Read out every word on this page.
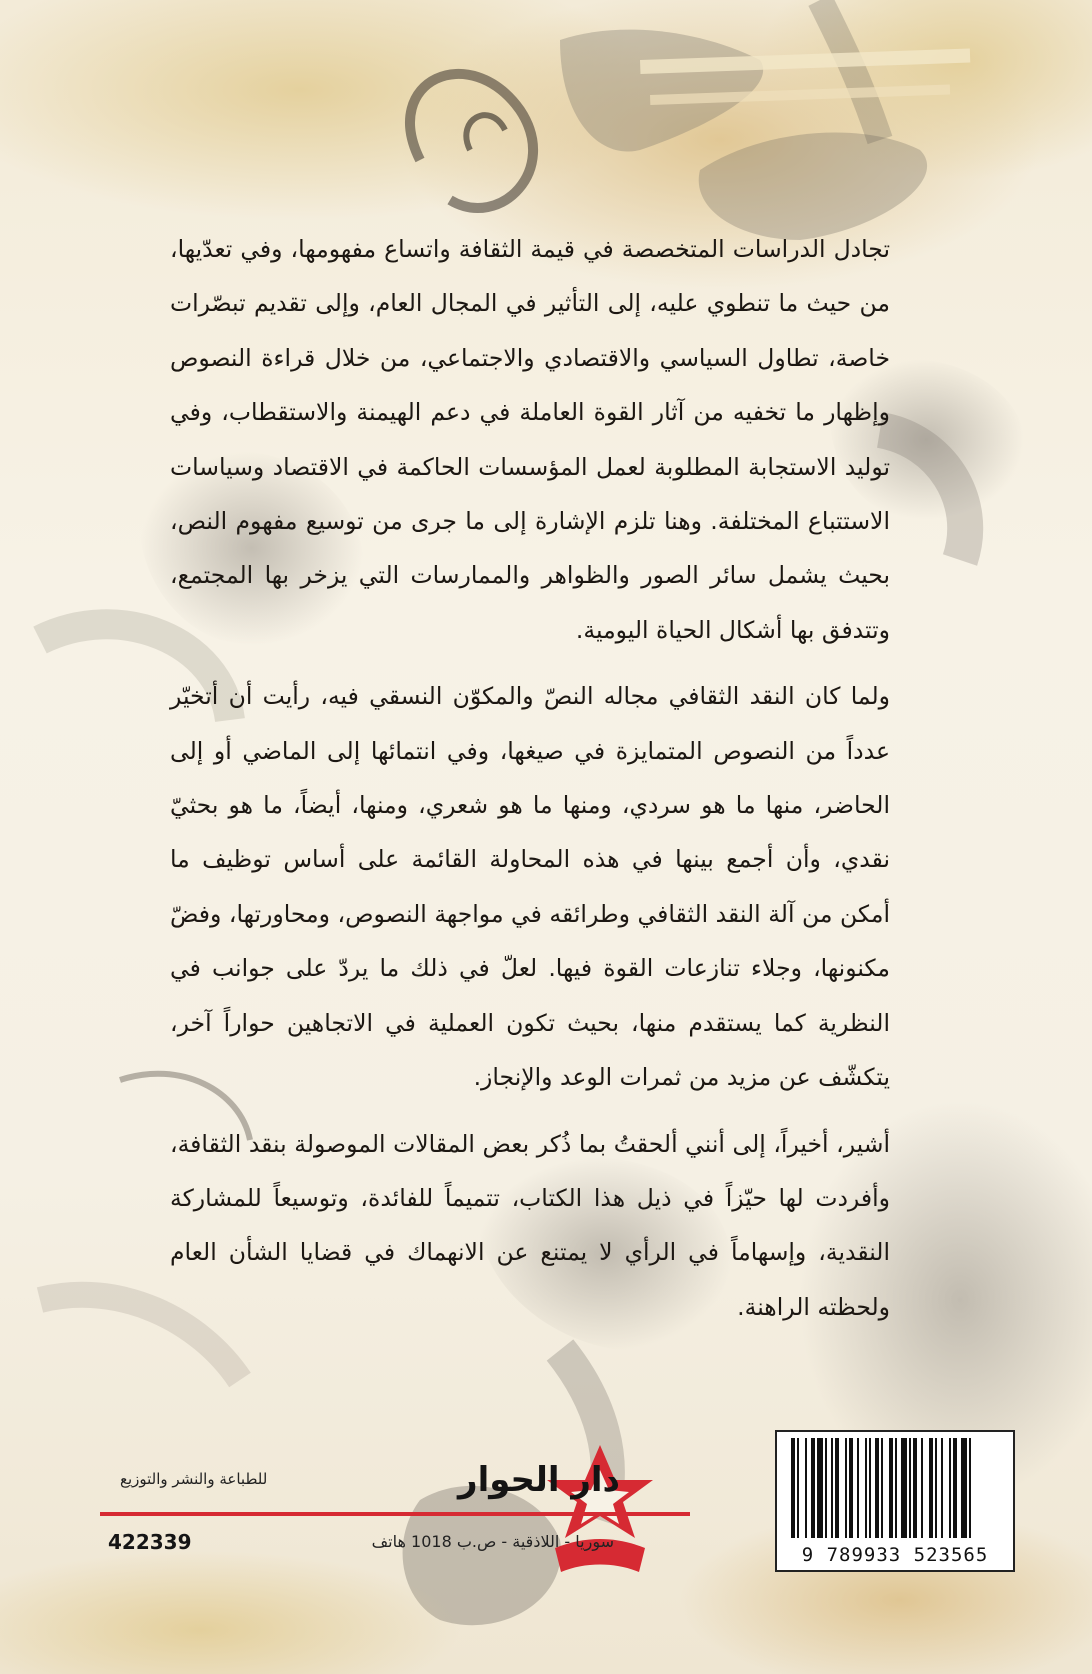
تجادل الدراسات المتخصصة في قيمة الثقافة واتساع مفهومها، وفي تعدّيها، من حيث ما تنطوي عليه، إلى التأثير في المجال العام، وإلى تقديم تبصّرات خاصة، تطاول السياسي والاقتصادي والاجتماعي، من خلال قراءة النصوص وإظهار ما تخفيه من آثار القوة العاملة في دعم الهيمنة والاستقطاب، وفي توليد الاستجابة المطلوبة لعمل المؤسسات الحاكمة في الاقتصاد وسياسات الاستتباع المختلفة. وهنا تلزم الإشارة إلى ما جرى من توسيع مفهوم النص، بحيث يشمل سائر الصور والظواهر والممارسات التي يزخر بها المجتمع، وتتدفق بها أشكال الحياة اليومية.

ولما كان النقد الثقافي مجاله النصّ والمكوّن النسقي فيه، رأيت أن أتخيّر عدداً من النصوص المتمايزة في صيغها، وفي انتمائها إلى الماضي أو إلى الحاضر، منها ما هو سردي، ومنها ما هو شعري، ومنها، أيضاً، ما هو بحثيّ نقدي، وأن أجمع بينها في هذه المحاولة القائمة على أساس توظيف ما أمكن من آلة النقد الثقافي وطرائقه في مواجهة النصوص، ومحاورتها، وفضّ مكنونها، وجلاء تنازعات القوة فيها. لعلّ في ذلك ما يردّ على جوانب في النظرية كما يستقدم منها، بحيث تكون العملية في الاتجاهين حواراً آخر، يتكشّف عن مزيد من ثمرات الوعد والإنجاز.

أشير، أخيراً، إلى أنني ألحقتُ بما ذُكر بعض المقالات الموصولة بنقد الثقافة، وأفردت لها حيّزاً في ذيل هذا الكتاب، تتميماً للفائدة، وتوسيعاً للمشاركة النقدية، وإسهاماً في الرأي لا يمتنع عن الانهماك في قضايا الشأن العام ولحظته الراهنة.

دار الحوار
للطباعة والنشر والتوزيع
422339	سوريا - اللاذقية - ص.ب 1018 هاتف
9 789933 523565
